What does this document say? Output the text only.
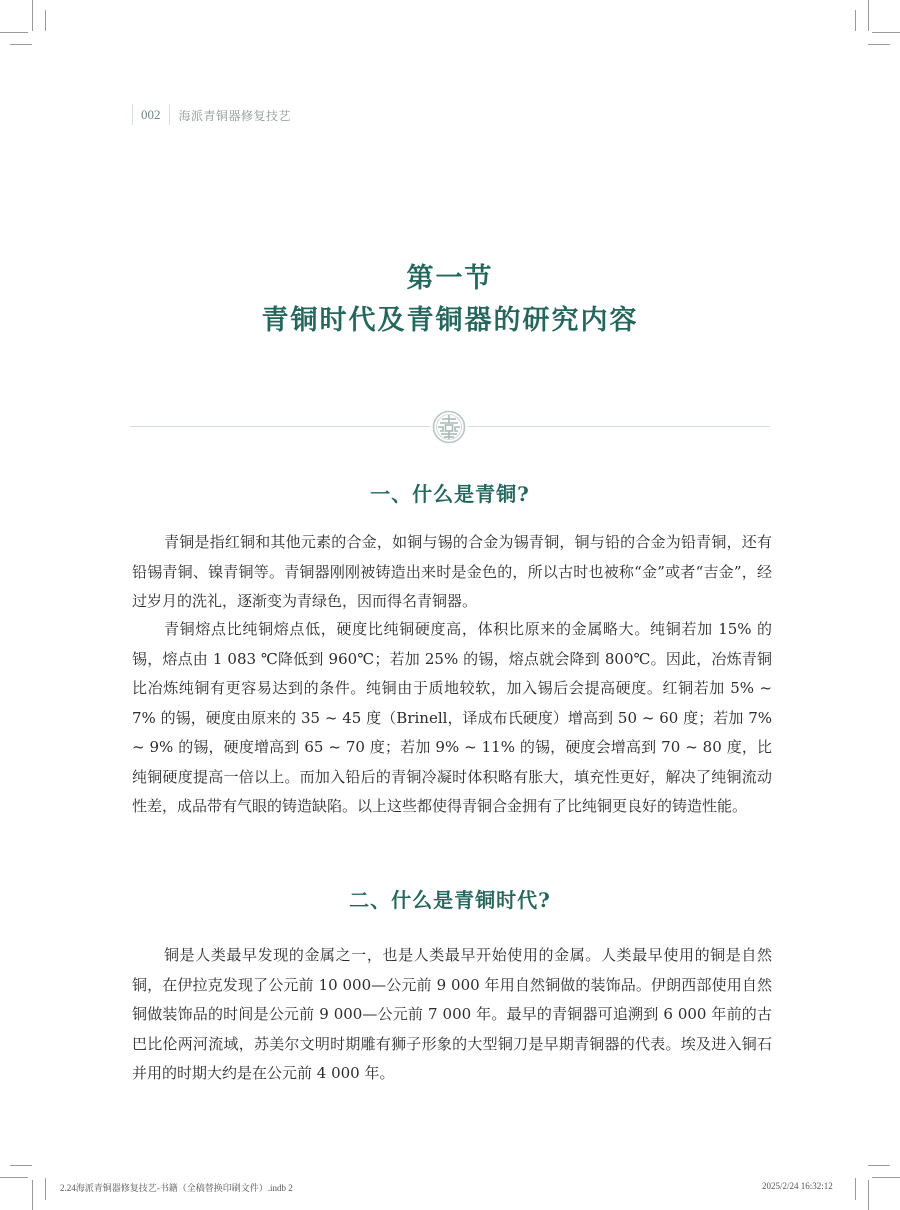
002	海派青铜器修复技艺
第一节
青铜时代及青铜器的研究内容
一、什么是青铜?

青铜是指红铜和其他元素的合金，如铜与锡的合金为锡青铜，铜与铅的合金为铅青铜，还有铅锡青铜、镍青铜等。青铜器刚刚被铸造出来时是金色的，所以古时也被称“金”或者“吉金”，经过岁月的洗礼，逐渐变为青绿色，因而得名青铜器。

青铜熔点比纯铜熔点低，硬度比纯铜硬度高，体积比原来的金属略大。纯铜若加 15% 的锡，熔点由 1 083 ℃降低到 960℃；若加 25% 的锡，熔点就会降到 800℃。因此，冶炼青铜比冶炼纯铜有更容易达到的条件。纯铜由于质地较软，加入锡后会提高硬度。红铜若加 5% ~ 7% 的锡，硬度由原来的 35 ~ 45 度（Brinell，译成布氏硬度）增高到 50 ~ 60 度；若加 7% ~ 9% 的锡，硬度增高到 65 ~ 70 度；若加 9% ~ 11% 的锡，硬度会增高到 70 ~ 80 度，比纯铜硬度提高一倍以上。而加入铅后的青铜冷凝时体积略有胀大，填充性更好，解决了纯铜流动性差，成品带有气眼的铸造缺陷。以上这些都使得青铜合金拥有了比纯铜更良好的铸造性能。

二、什么是青铜时代?

铜是人类最早发现的金属之一，也是人类最早开始使用的金属。人类最早使用的铜是自然铜，在伊拉克发现了公元前 10 000—公元前 9 000 年用自然铜做的装饰品。伊朗西部使用自然铜做装饰品的时间是公元前 9 000—公元前 7 000 年。最早的青铜器可追溯到 6 000 年前的古巴比伦两河流域，苏美尔文明时期雕有狮子形象的大型铜刀是早期青铜器的代表。埃及进入铜石并用的时期大约是在公元前 4 000 年。

2.24海派青铜器修复技艺-书籍（全稿替换印刷文件）.indb 2	2025/2/24 16:32:12
